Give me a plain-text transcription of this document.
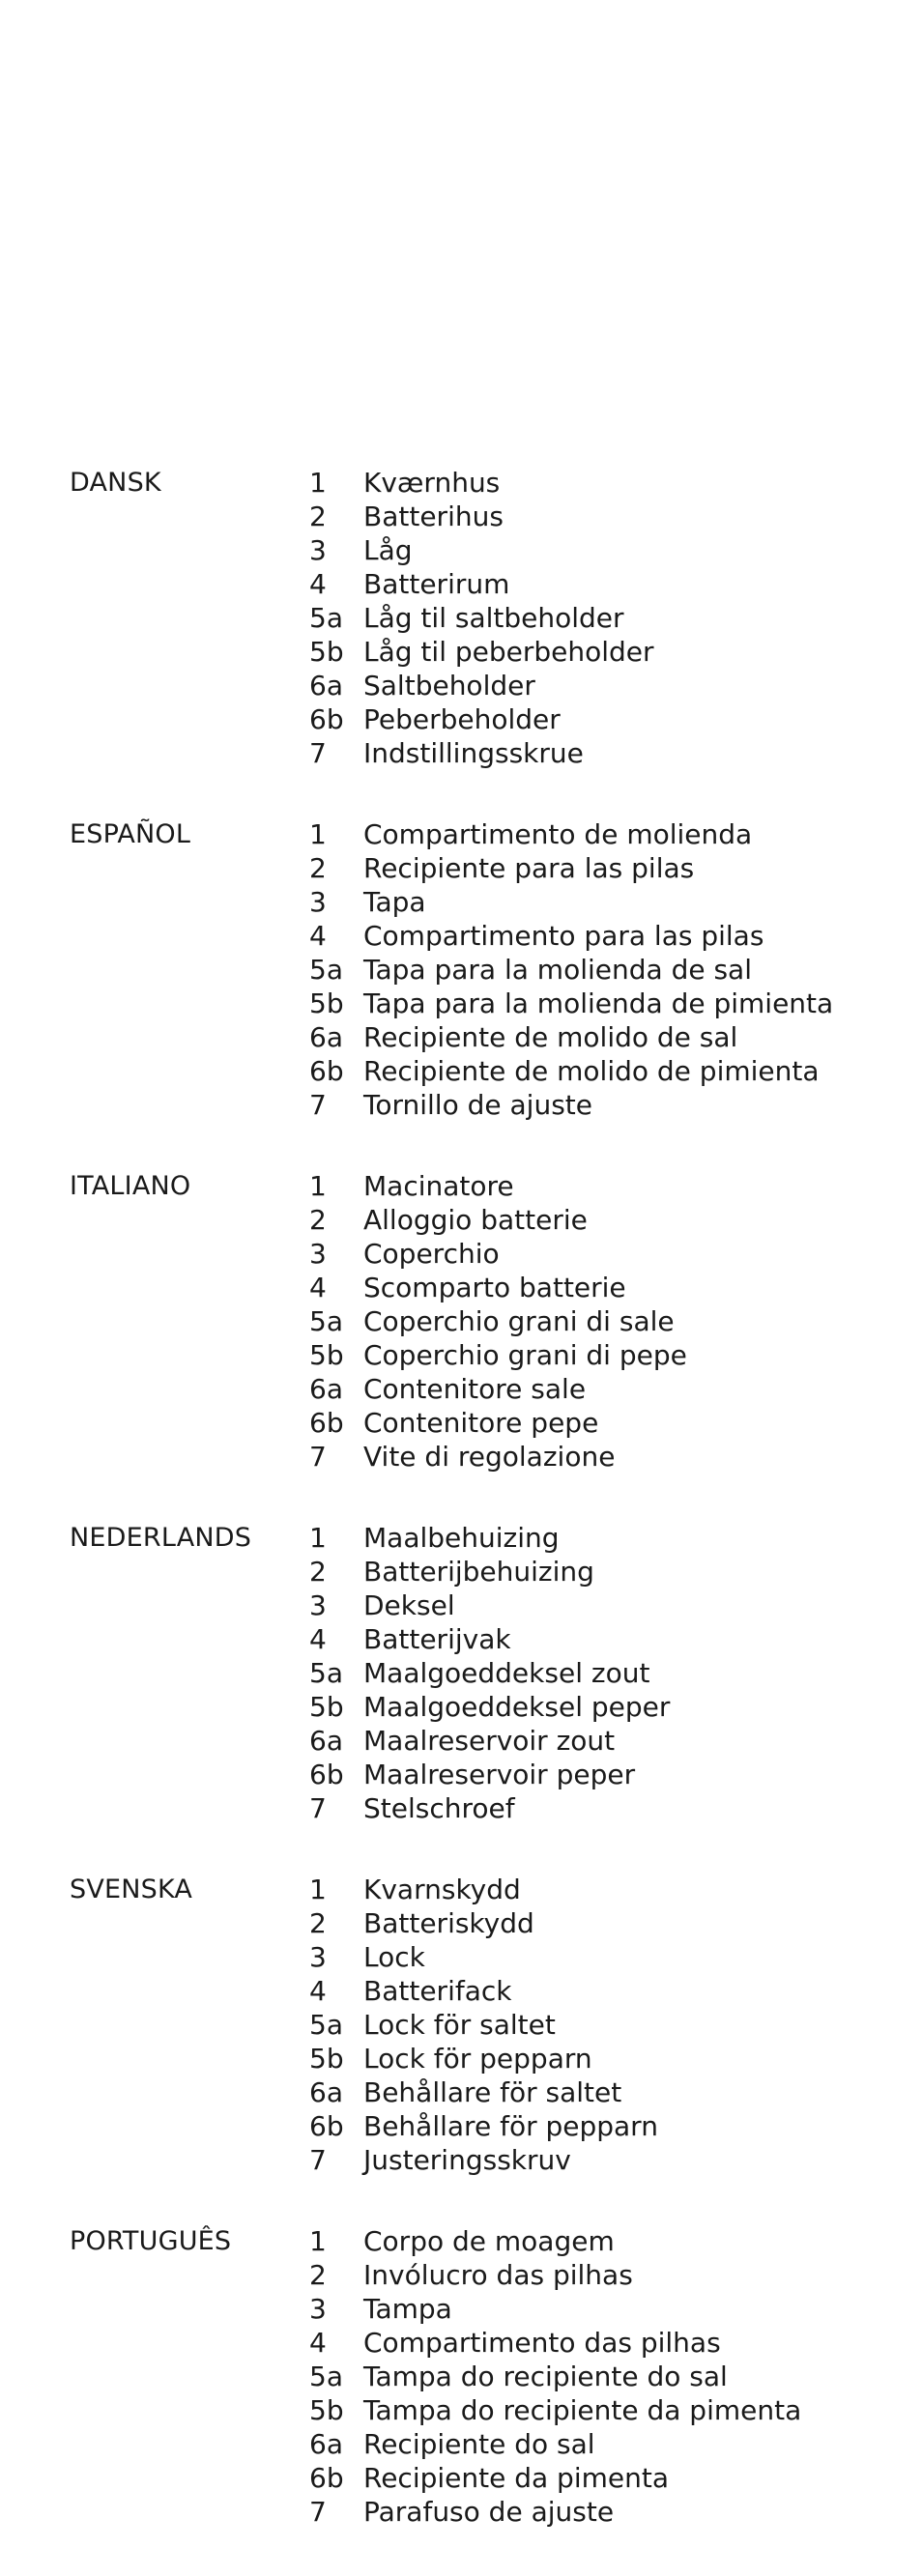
DANSK	1	Kværnhus
2	Batterihus
3	Låg
4	Batterirum
5a Låg til saltbeholder
5b Låg til peberbeholder
6a Saltbeholder
6b Peberbeholder
7	Indstillingsskrue
ESPAÑOL	1	Compartimento de molienda
2	Recipiente para las pilas
3	Tapa
4	Compartimento para las pilas
5a Tapa para la molienda de sal
5b Tapa para la molienda de pimienta
6a Recipiente de molido de sal
6b Recipiente de molido de pimienta
7	Tornillo de ajuste
ITALIANO	1	Macinatore
2	Alloggio batterie
3	Coperchio
4	Scomparto batterie
5a Coperchio grani di sale
5b Coperchio grani di pepe
6a Contenitore sale
6b Contenitore pepe
7	Vite di regolazione
NEDERLANDS	1	Maalbehuizing
2	Batterijbehuizing
3	Deksel
4	Batterijvak
5a Maalgoeddeksel zout
5b Maalgoeddeksel peper
6a Maalreservoir zout
6b Maalreservoir peper
7	Stelschroef
SVENSKA	1	Kvarnskydd
2	Batteriskydd
3	Lock
4	Batterifack
5a Lock för saltet
5b Lock för pepparn
6a Behållare för saltet
6b Behållare för pepparn
7	Justeringsskruv
PORTUGUÊS	1	Corpo de moagem
2	Invólucro das pilhas
3	Tampa
4	Compartimento das pilhas
5a Tampa do recipiente do sal
5b Tampa do recipiente da pimenta
6a Recipiente do sal
6b Recipiente da pimenta
7	Parafuso de ajuste
